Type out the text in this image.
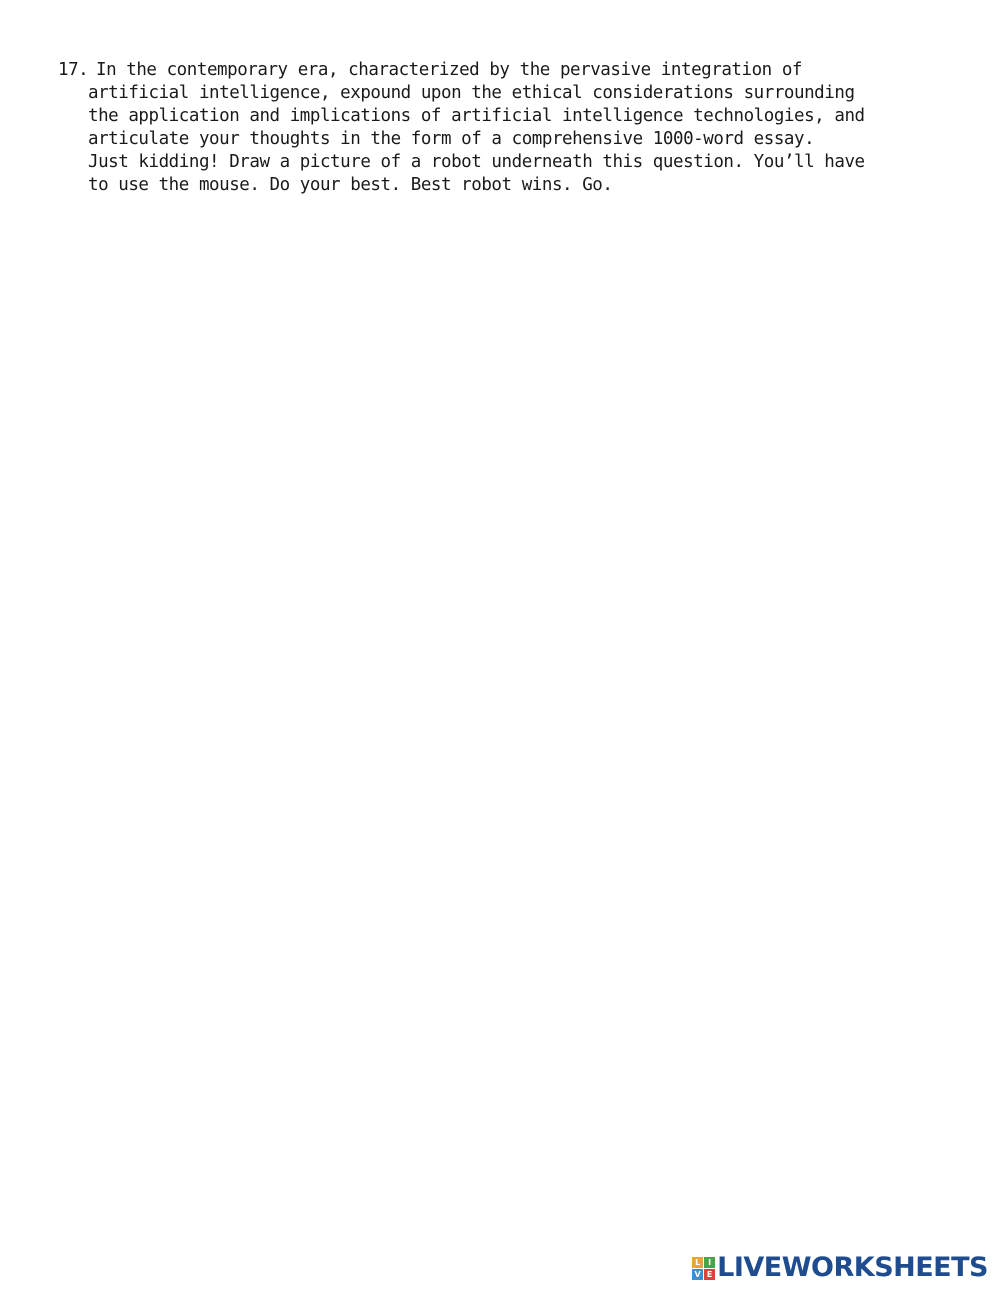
17. In the contemporary era, characterized by the pervasive integration of
artificial intelligence, expound upon the ethical considerations surrounding
the application and implications of artificial intelligence technologies, and
articulate your thoughts in the form of a comprehensive 1000-word essay.
Just kidding! Draw a picture of a robot underneath this question. You’ll have
to use the mouse. Do your best. Best robot wins. Go.
L I
V E LIVEWORKSHEETS
